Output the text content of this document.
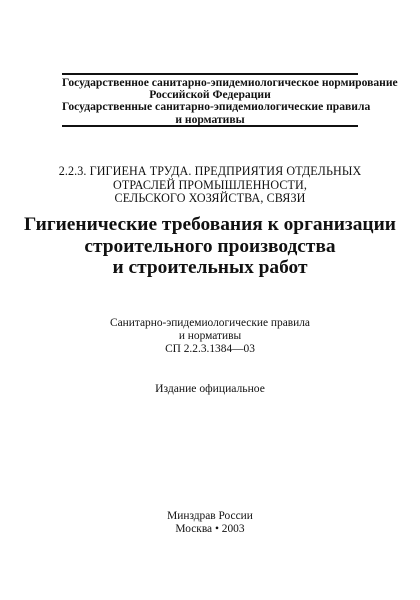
Государственное санитарно-эпидемиологическое нормирование
Российской Федерации
Государственные санитарно-эпидемиологические правила
и нормативы
2.2.3. ГИГИЕНА ТРУДА. ПРЕДПРИЯТИЯ ОТДЕЛЬНЫХ
ОТРАСЛЕЙ ПРОМЫШЛЕННОСТИ,
СЕЛЬСКОГО ХОЗЯЙСТВА, СВЯЗИ
Гигиенические требования к организации
строительного производства
и строительных работ
Санитарно-эпидемиологические правила
и нормативы
СП 2.2.3.1384—03
Издание официальное
Минздрав России
Москва • 2003
